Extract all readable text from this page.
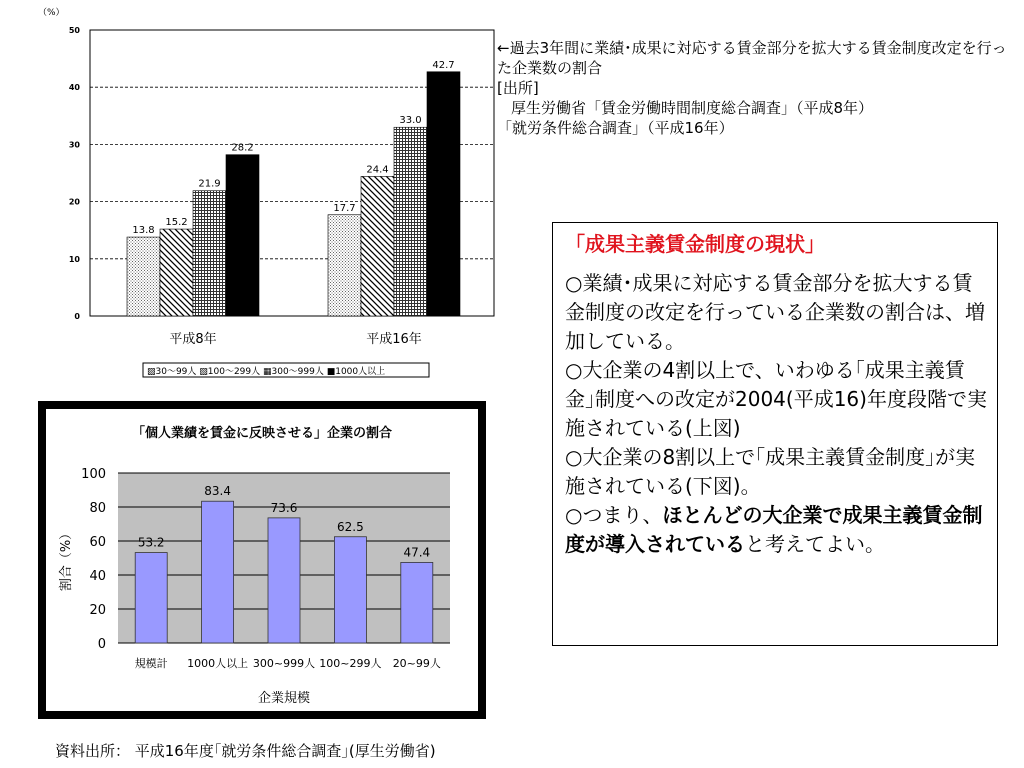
（%）
0
10
20
30
40
50
13.8
15.2
21.9
28.2
17.7
24.4
33.0
42.7
平成8年	平成16年
▨30～99人 ▧100～299人 ▦300～999人 ■1000人以上
←過去3年間に業績･成果に対応する賃金部分を拡大する賃金制度改定を行った企業数の割合
[出所]
厚生労働省「賃金労働時間制度総合調査」（平成8年）
「就労条件総合調査」（平成16年）
「個人業績を賃金に反映させる」企業の割合
0
20
40
60
80
100
53.2
83.4
73.6
62.5
47.4
規模計 1000人以上 300~999人 100~299人 20~99人
割合（%）
企業規模
「成果主義賃金制度の現状」

○業績･成果に対応する賃金部分を拡大する賃金制度の改定を行っている企業数の割合は、増加している。

○大企業の4割以上で、いわゆる｢成果主義賃金｣制度への改定が2004(平成16)年度段階で実施されている(上図)

○大企業の8割以上で｢成果主義賃金制度｣が実施されている(下図)。

○つまり、ほとんどの大企業で成果主義賃金制度が導入されていると考えてよい。

資料出所： 平成16年度｢就労条件総合調査｣(厚生労働省)
